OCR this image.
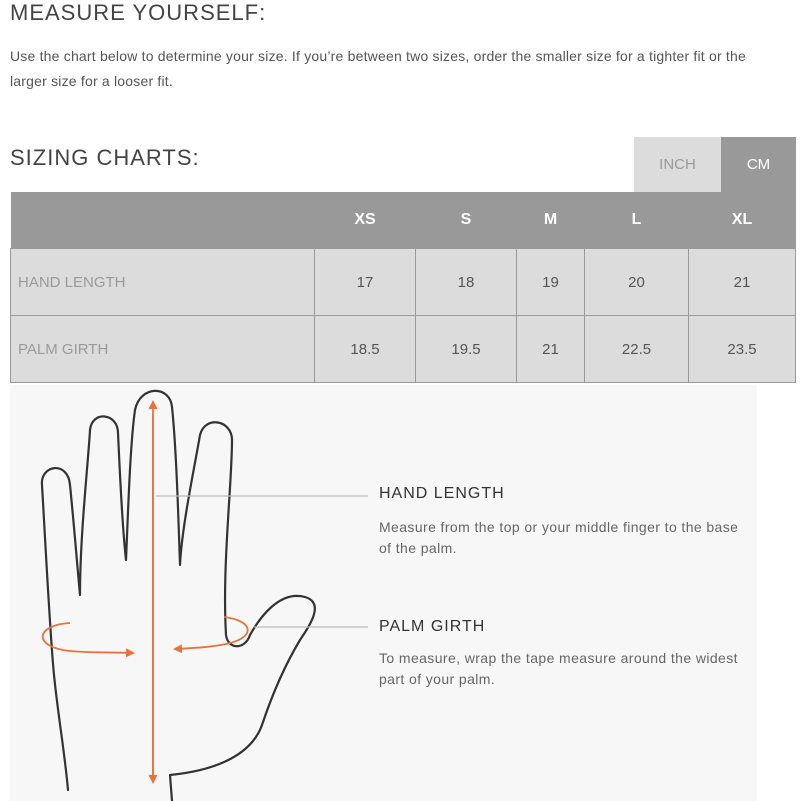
MEASURE YOURSELF:

Use the chart below to determine your size. If you’re between two sizes, order the smaller size for a tighter fit or the larger size for a looser fit.

SIZING CHARTS:	INCH	CM
	XS	S	M	L	XL
HAND LENGTH	17	18	19	20	21
PALM GIRTH	18.5	19.5	21	22.5	23.5
HAND LENGTH

Measure from the top or your middle finger to the base of the palm.

PALM GIRTH

To measure, wrap the tape measure around the widest part of your palm.
